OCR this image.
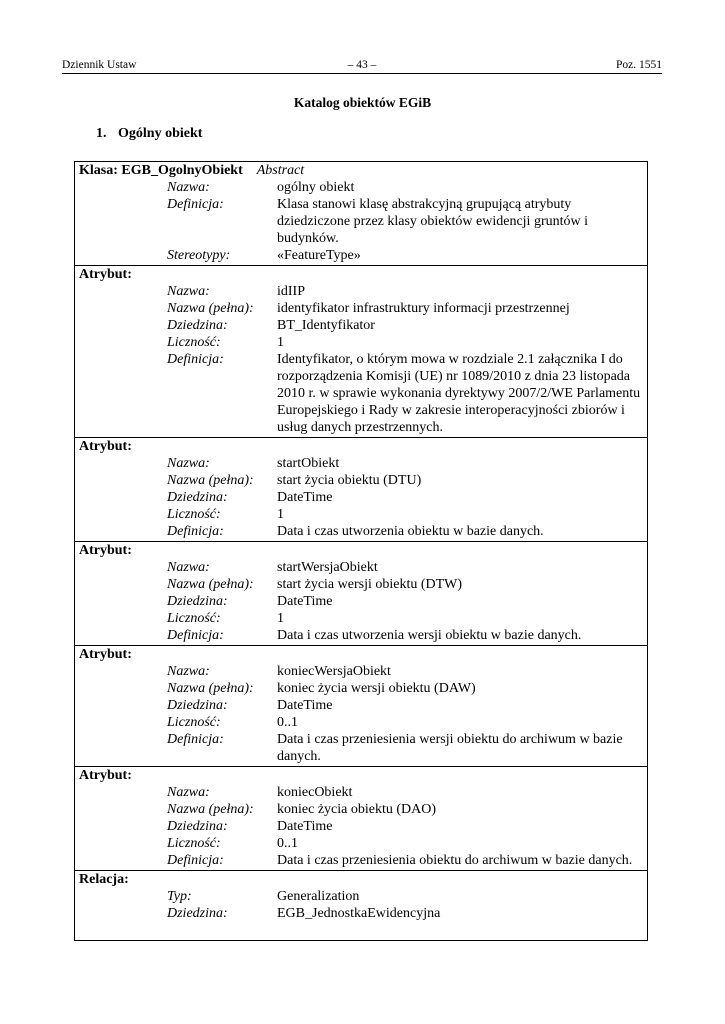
Dziennik Ustaw	– 43 –	Poz. 1551
Katalog obiektów EGiB
1. Ogólny obiekt
Klasa: EGB_OgolnyObiekt Abstract		
	Nazwa:	ogólny obiekt
	Definicja:	Klasa stanowi klasę abstrakcyjną grupującą atrybuty dziedziczone przez klasy obiektów ewidencji gruntów i budynków.
	Stereotypy:	«FeatureType»
Atrybut:		
	Nazwa:	idIIP
	Nazwa (pełna):	identyfikator infrastruktury informacji przestrzennej
	Dziedzina:	BT_Identyfikator
	Liczność:	1
	Definicja:	Identyfikator, o którym mowa w rozdziale 2.1 załącznika I do rozporządzenia Komisji (UE) nr 1089/2010 z dnia 23 listopada 2010 r. w sprawie wykonania dyrektywy 2007/2/WE Parlamentu Europejskiego i Rady w zakresie interoperacyjności zbiorów i usług danych przestrzennych.
Atrybut:		
	Nazwa:	startObiekt
	Nazwa (pełna):	start życia obiektu (DTU)
	Dziedzina:	DateTime
	Liczność:	1
	Definicja:	Data i czas utworzenia obiektu w bazie danych.
Atrybut:		
	Nazwa:	startWersjaObiekt
	Nazwa (pełna):	start życia wersji obiektu (DTW)
	Dziedzina:	DateTime
	Liczność:	1
	Definicja:	Data i czas utworzenia wersji obiektu w bazie danych.
Atrybut:		
	Nazwa:	koniecWersjaObiekt
	Nazwa (pełna):	koniec życia wersji obiektu (DAW)
	Dziedzina:	DateTime
	Liczność:	0..1
	Definicja:	Data i czas przeniesienia wersji obiektu do archiwum w bazie danych.
Atrybut:		
	Nazwa:	koniecObiekt
	Nazwa (pełna):	koniec życia obiektu (DAO)
	Dziedzina:	DateTime
	Liczność:	0..1
	Definicja:	Data i czas przeniesienia obiektu do archiwum w bazie danych.
Relacja:		
	Typ:	Generalization
	Dziedzina:	EGB_JednostkaEwidencyjna
